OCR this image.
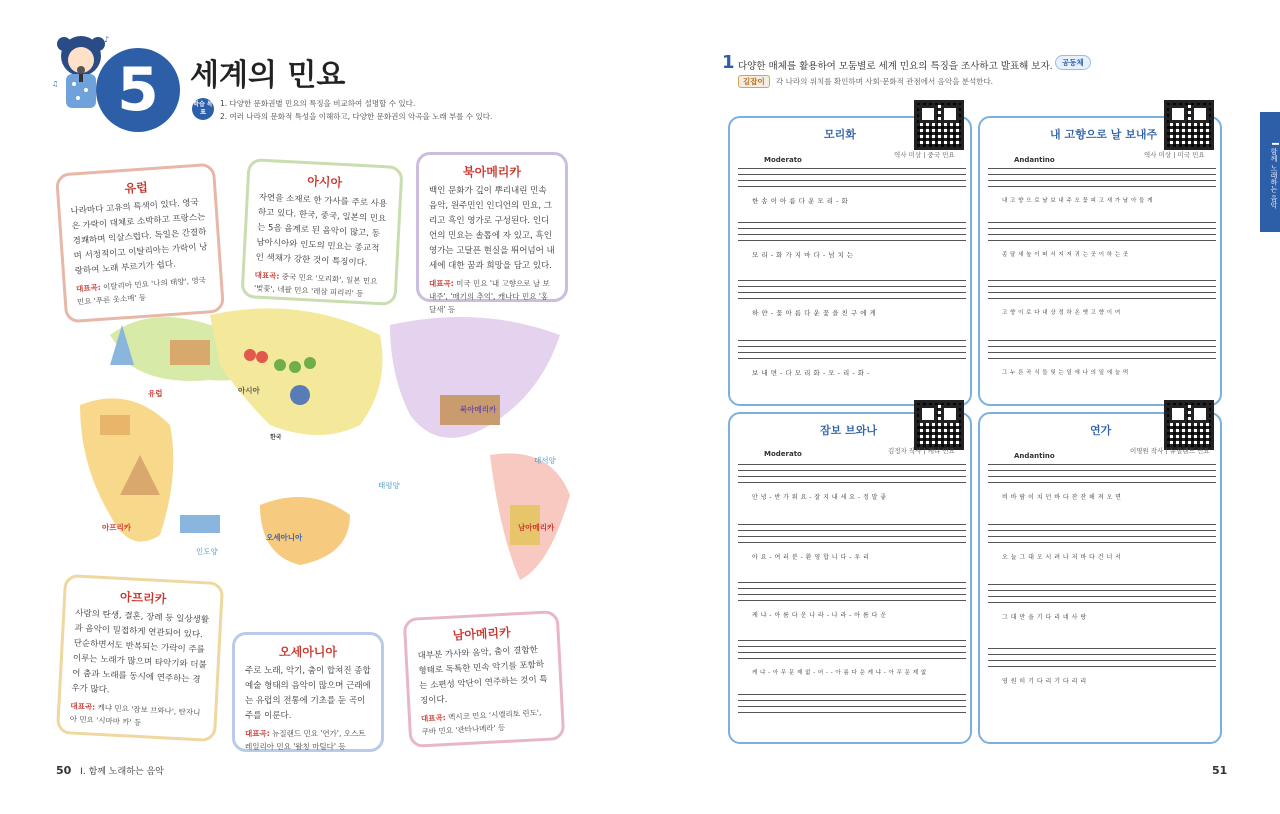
♪
♫ 5	세계의 민요
학습 목표
1. 다양한 문화권별 민요의 특징을 비교하여 설명할 수 있다.
2. 여러 나라의 문화적 특성을 이해하고, 다양한 문화권의 악곡을 노래 부를 수 있다.
유럽
나라마다 고유의 특색이 있다. 영국은 가락이 대체로 소박하고 프랑스는 경쾌하며 익살스럽다. 독일은 간결하며 서정적이고 이탈리아는 가락이 낭랑하여 노래 부르기가 쉽다.
대표곡: 이탈리아 민요 '나의 태양', 영국 민요 '푸른 옷소매' 등
아시아
자연을 소재로 한 가사를 주로 사용하고 있다. 한국, 중국, 일본의 민요는 5음 음계로 된 음악이 많고, 동남아시아와 인도의 민요는 종교적인 색채가 강한 것이 특징이다.
대표곡: 중국 민요 '모리화', 일본 민요 '벚꽃', 네팔 민요 '레삼 피리리' 등
북아메리카
백인 문화가 깊이 뿌리내린 민속 음악, 원주민인 인디언의 민요, 그리고 흑인 영가로 구성된다. 인디언의 민요는 솔톱에 자 있고, 흑인 영가는 고달픈 현실을 뛰어넘어 내세에 대한 꿈과 희망을 담고 있다.
대표곡: 미국 민요 '내 고향으로 날 보내주', '매기의 추억', 캐나다 민요 '홍달새' 등
유럽	아시아
아프리카
오세아니아
북아메리카
남아메리카
한국
태평양
인도양
대서양
아프리카
사람의 탄생, 결혼, 장례 등 일상생활과 음악이 밀접하게 연관되어 있다. 단순하면서도 반복되는 가락이 주를 이루는 노래가 많으며 타악기와 더불어 춤과 노래를 동시에 연주하는 경우가 많다.
대표곡: 케냐 민요 '잠보 브와나', 탄자니아 민요 '시마마 카' 등
오세아니아
주로 노래, 악기, 춤이 합쳐진 종합 예술 형태의 음악이 많으며 근래에는 유럽의 전통에 기초를 둔 곡이 주를 이룬다.
대표곡: 뉴질랜드 민요 '연가', 오스트레일리아 민요 '왈칭 마틸다' 등
남아메리카
대부분 가사와 음악, 춤이 결합한 형태로 독특한 민속 악기를 포함하는 소편성 악단이 연주하는 것이 특징이다.
대표곡: 멕시코 민요 '시엘리토 린도', 쿠바 민요 '관타나메라' 등
50 I. 함께 노래하는 음악
1 다양한 매체를 활용하여 모둠별로 세계 민요의 특징을 조사하고 발표해 보자.	공동체
길잡이	각 나라의 위치를 확인하며 사회·문화적 관점에서 음악을 분석한다.
모리화
역사 미상 | 중국 민요
Moderato
한 송 이 아 름 다 운 모 리 - 화
모 리 - 화 가 지 마 다 - 넘 치 는
하 얀 - 꽃 아 름 다 운 꽃 을 친 구 에 게
보 내 면 - 다 모 리 화 - 모 - 리 - 화 -
내 고향으로 날 보내주
역사 미상 | 미국 민요
Andantino
내 고 향 으 로 날 보 내 주 오 꽃 피 고 새 가 날 아 들 게
종 달 새 높 이 떠 서 지 저 귀 는 곳 이 하 는 곳
고 향 이 로 다 내 상 정 하 온 옛 고 향 이 여
그 누 른 곡 식 들 및 는 일 에 나 의 일 에 늘 먹
잠보 브와나
김정자 작사 | 케냐 민요
Moderato
안 녕 - 반 가 워 요 - 잘 지 내 세 요 - 정 말 좋
아 요 - 여 러 분 - 환 영 합 니 다 - 우 리
케 냐 - 아 름 다 운 나 라 - 나 라 - 아 름 다 운
케 냐 - 아 무 문 제 없 - 어 - - 아 름 다 운 케 냐 - 아 무 문 제 없
연가
이명원 작사 | 뉴질랜드 민요
Andantino
비 바 람 이 치 던 바 다 잔 잔 해 져 오 면
오 늘 그 대 오 시 려 나 저 바 다 건 너 서
그 대 만 을 기 다 리 네 사 랑
영 원 히 기 다 리 기 다 리 리
I 함께 노래하는 음악
51
